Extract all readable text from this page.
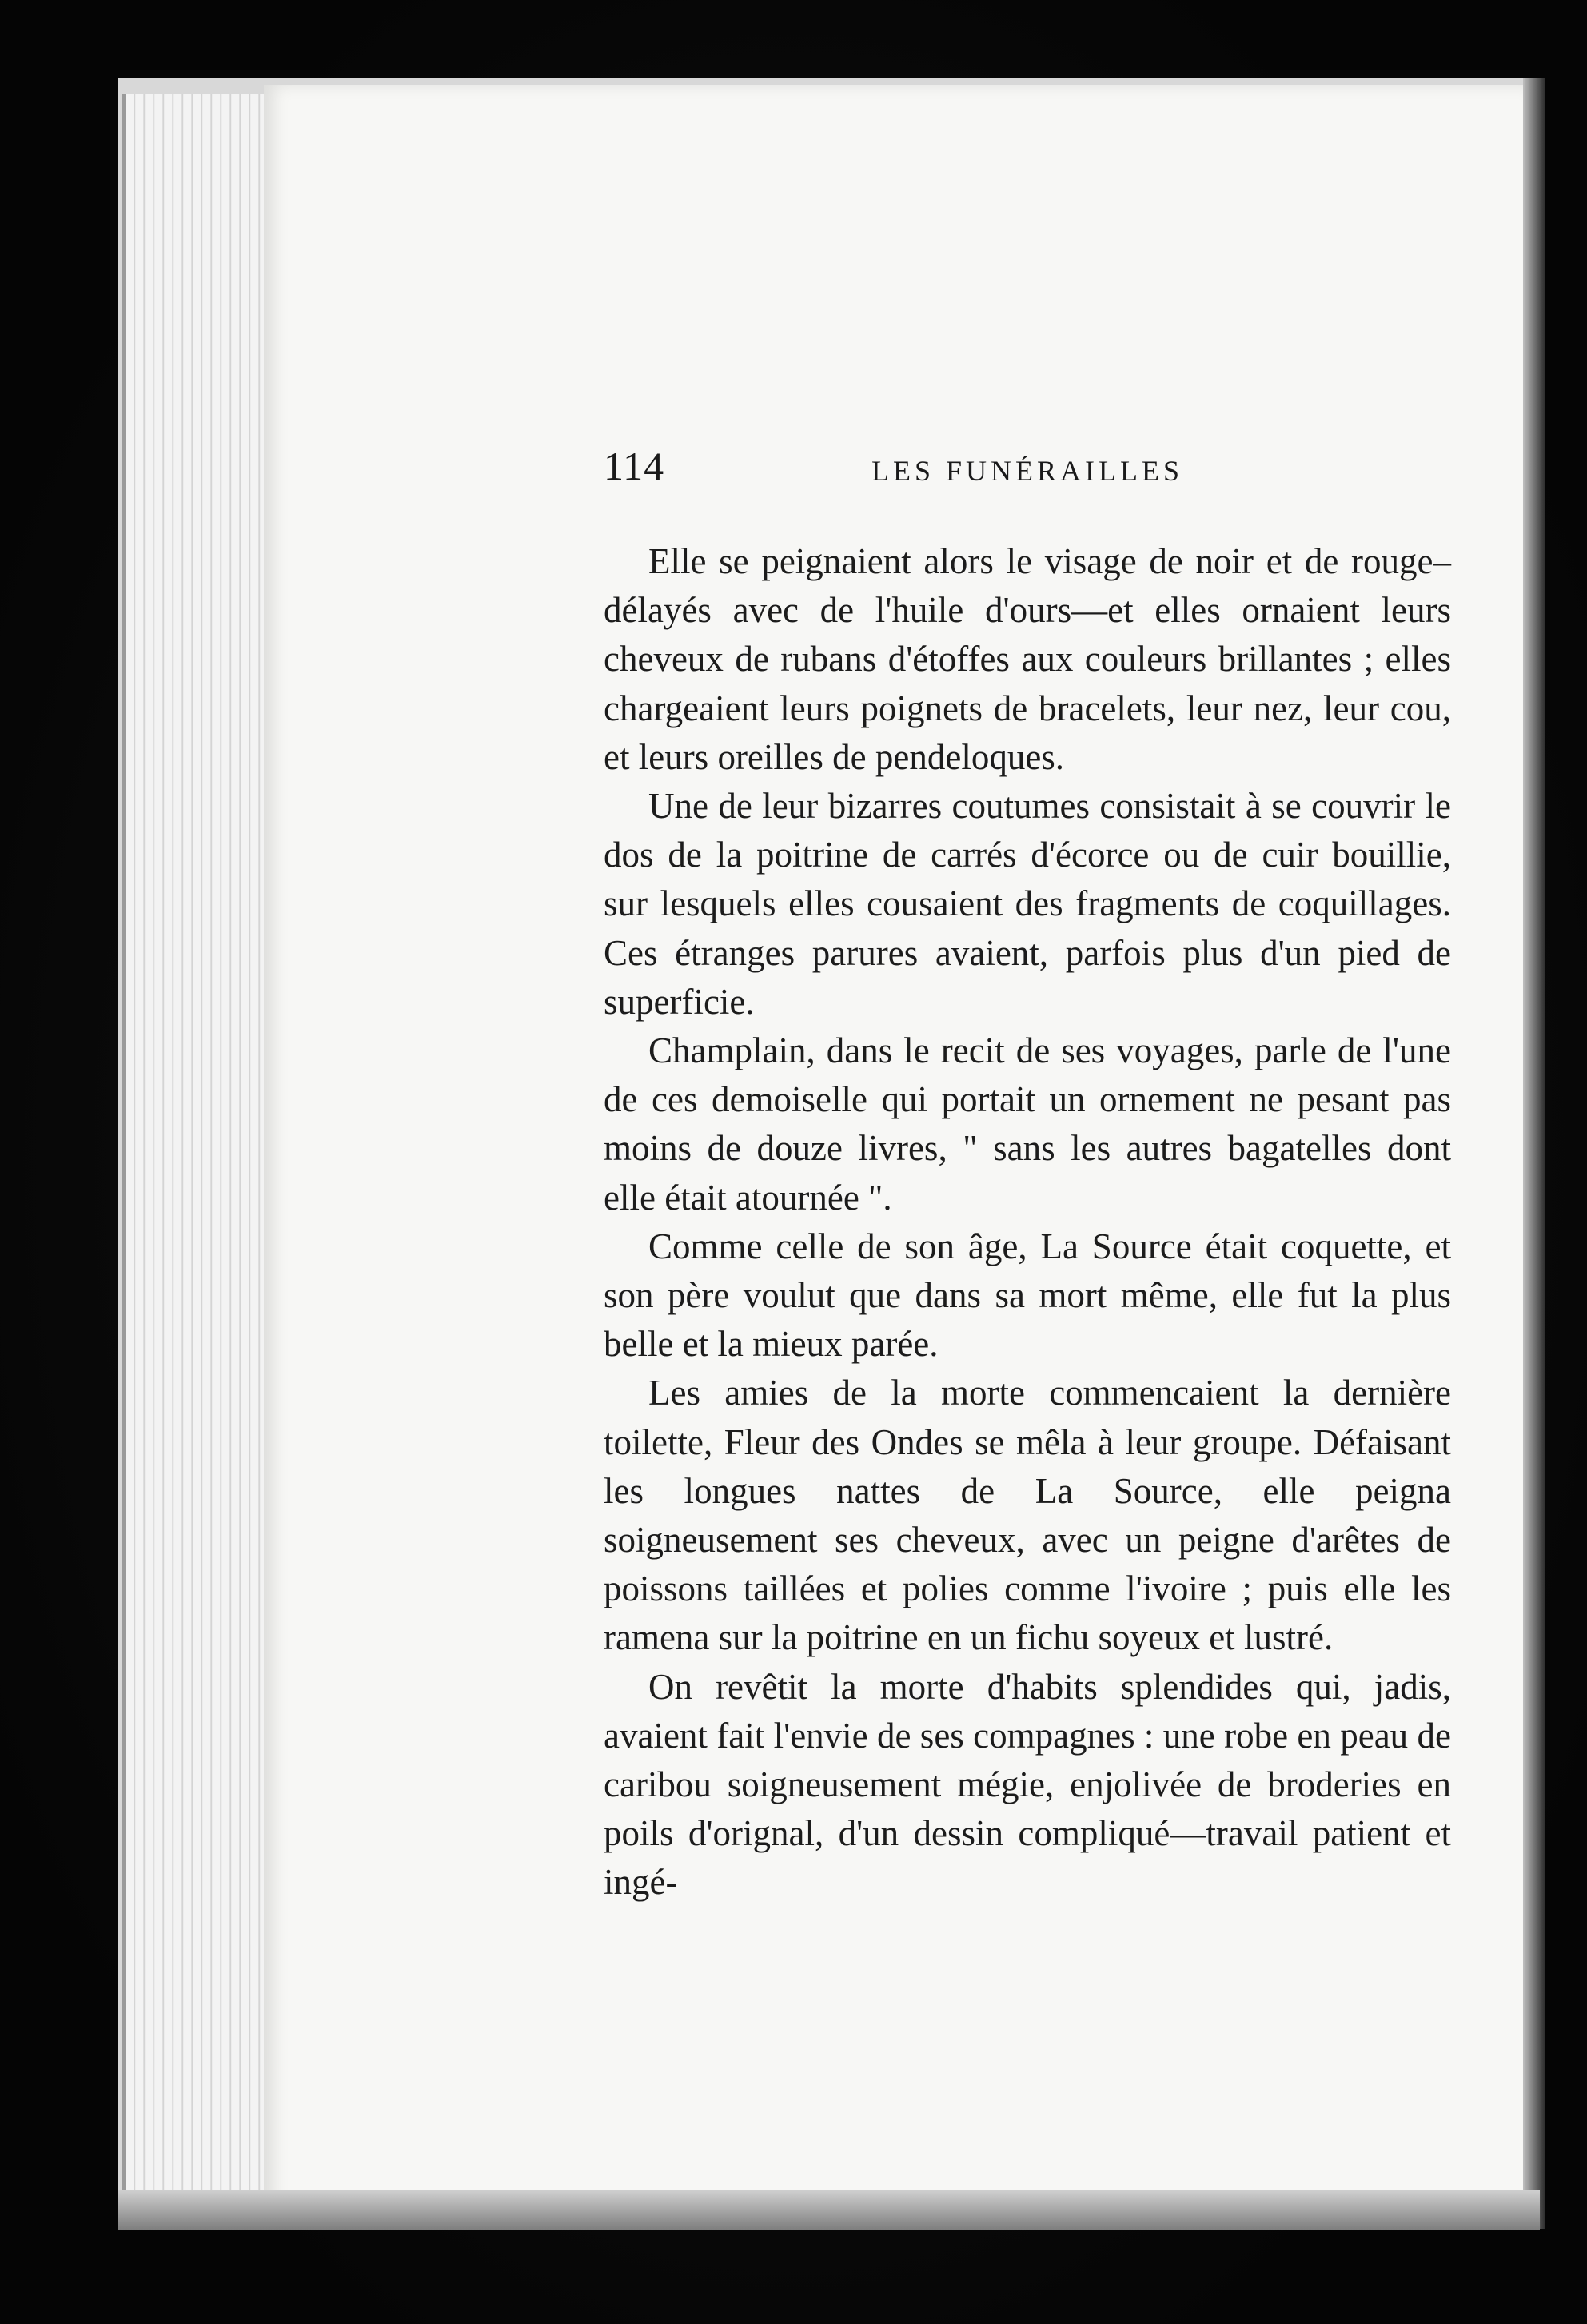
114	LES FUNÉRAILLES

Elle se peignaient alors le visage de noir et de rouge–délayés avec de l'huile d'ours—et elles ornaient leurs cheveux de rubans d'étoffes aux couleurs brillantes ; elles chargeaient leurs poignets de bracelets, leur nez, leur cou, et leurs oreilles de pendeloques.

Une de leur bizarres coutumes consistait à se couvrir le dos de la poitrine de carrés d'écorce ou de cuir bouillie, sur lesquels elles cousaient des fragments de coquillages. Ces étranges parures avaient, parfois plus d'un pied de superficie.

Champlain, dans le recit de ses voyages, parle de l'une de ces demoiselle qui portait un ornement ne pesant pas moins de douze livres, " sans les autres bagatelles dont elle était atournée ".

Comme celle de son âge, La Source était coquette, et son père voulut que dans sa mort même, elle fut la plus belle et la mieux parée.

Les amies de la morte commencaient la dernière toilette, Fleur des Ondes se mêla à leur groupe. Défaisant les longues nattes de La Source, elle peigna soigneusement ses cheveux, avec un peigne d'arêtes de poissons taillées et polies comme l'ivoire ; puis elle les ramena sur la poitrine en un fichu soyeux et lustré.

On revêtit la morte d'habits splendides qui, jadis, avaient fait l'envie de ses compagnes : une robe en peau de caribou soigneusement mégie, enjolivée de broderies en poils d'orignal, d'un dessin compliqué—travail patient et ingé-
